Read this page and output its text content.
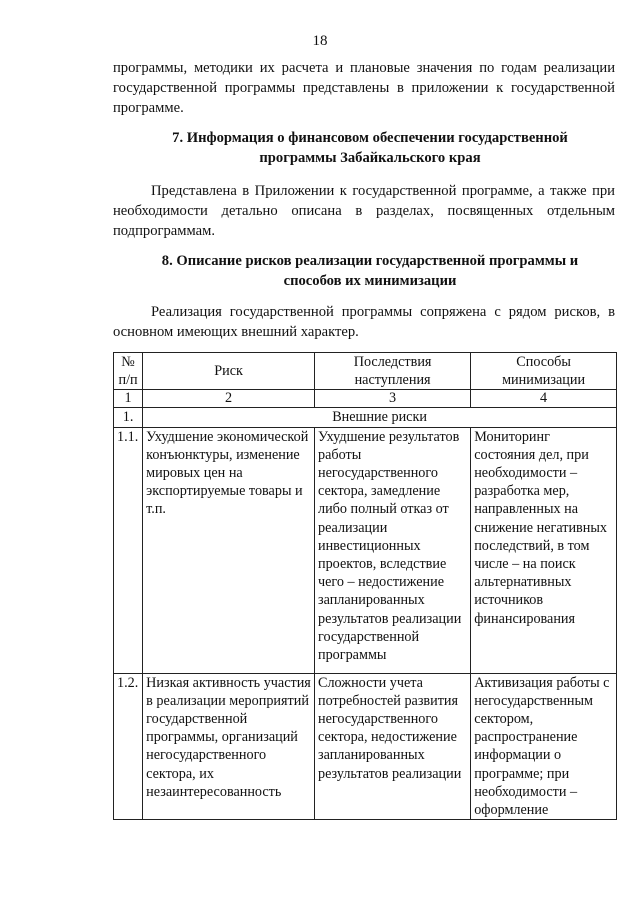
18

программы, методики их расчета и плановые значения по годам реализации государственной программы представлены в приложении к государственной программе.

7. Информация о финансовом обеспечении государственной
программы Забайкальского края

Представлена в Приложении к государственной программе, а также при необходимости детально описана в разделах, посвященных отдельным подпрограммам.

8. Описание рисков реализации государственной программы и
способов их минимизации

Реализация государственной программы сопряжена с рядом рисков, в основном имеющих внешний характер.

№ п/п	Риск	Последствия наступления	Способы минимизации
1	2	3	4
1.	Внешние риски		
1.1.	Ухудшение экономической конъюнктуры, изменение мировых цен на экспортируемые товары и т.п.	Ухудшение результатов работы негосударственного сектора, замедление либо полный отказ от реализации инвестиционных проектов, вследствие чего – недостижение запланированных результатов реализации государственной программы	Мониторинг состояния дел, при необходимости – разработка мер, направленных на снижение негативных последствий, в том числе – на поиск альтернативных источников финансирования
1.2.	Низкая активность участия в реализации мероприятий государственной программы, организаций негосударственного сектора, их незаинтересованность	Сложности учета потребностей развития негосударственного сектора, недостижение запланированных результатов реализации	Активизация работы с негосударственным сектором, распространение информации о программе; при необходимости – оформление
